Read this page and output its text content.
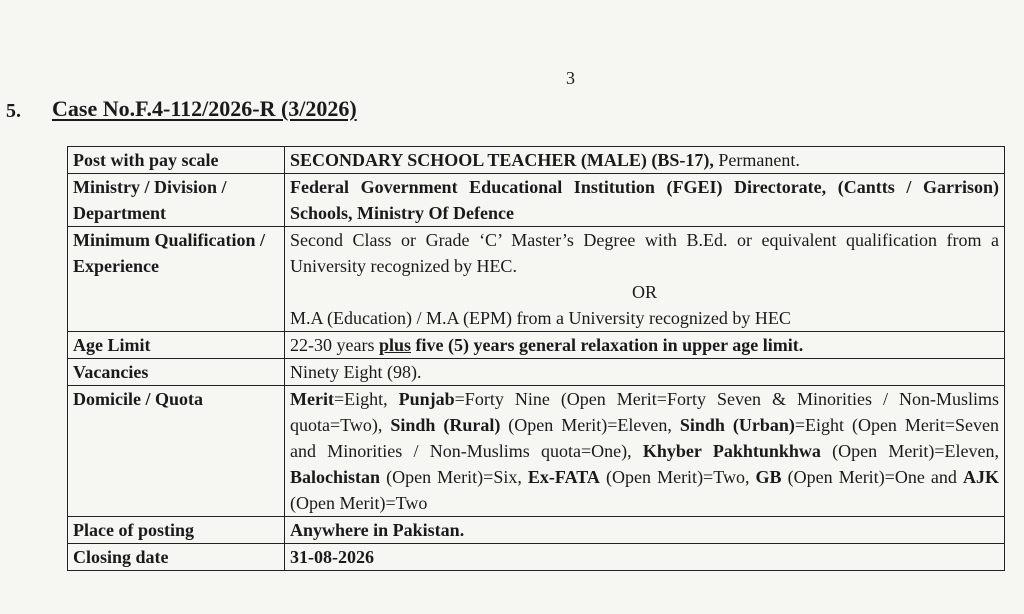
3
5. Case No.F.4-112/2026-R (3/2026)
Post with pay scale	SECONDARY SCHOOL TEACHER (MALE) (BS-17), Permanent.
Ministry / Division / Department	Federal Government Educational Institution (FGEI) Directorate, (Cantts / Garrison) Schools, Ministry Of Defence
Minimum Qualification / Experience	Second Class or Grade ‘C’ Master’s Degree with B.Ed. or equivalent qualification from a University recognized by HEC.
OR
M.A (Education) / M.A (EPM) from a University recognized by HEC

Age Limit	22-30 years plus five (5) years general relaxation in upper age limit.
Vacancies	Ninety Eight (98).
Domicile / Quota	Merit=Eight, Punjab=Forty Nine (Open Merit=Forty Seven & Minorities / Non-Muslims quota=Two), Sindh (Rural) (Open Merit)=Eleven, Sindh (Urban)=Eight (Open Merit=Seven and Minorities / Non-Muslims quota=One), Khyber Pakhtunkhwa (Open Merit)=Eleven, Balochistan (Open Merit)=Six, Ex-FATA (Open Merit)=Two, GB (Open Merit)=One and AJK (Open Merit)=Two
Place of posting	Anywhere in Pakistan.
Closing date	31-08-2026
